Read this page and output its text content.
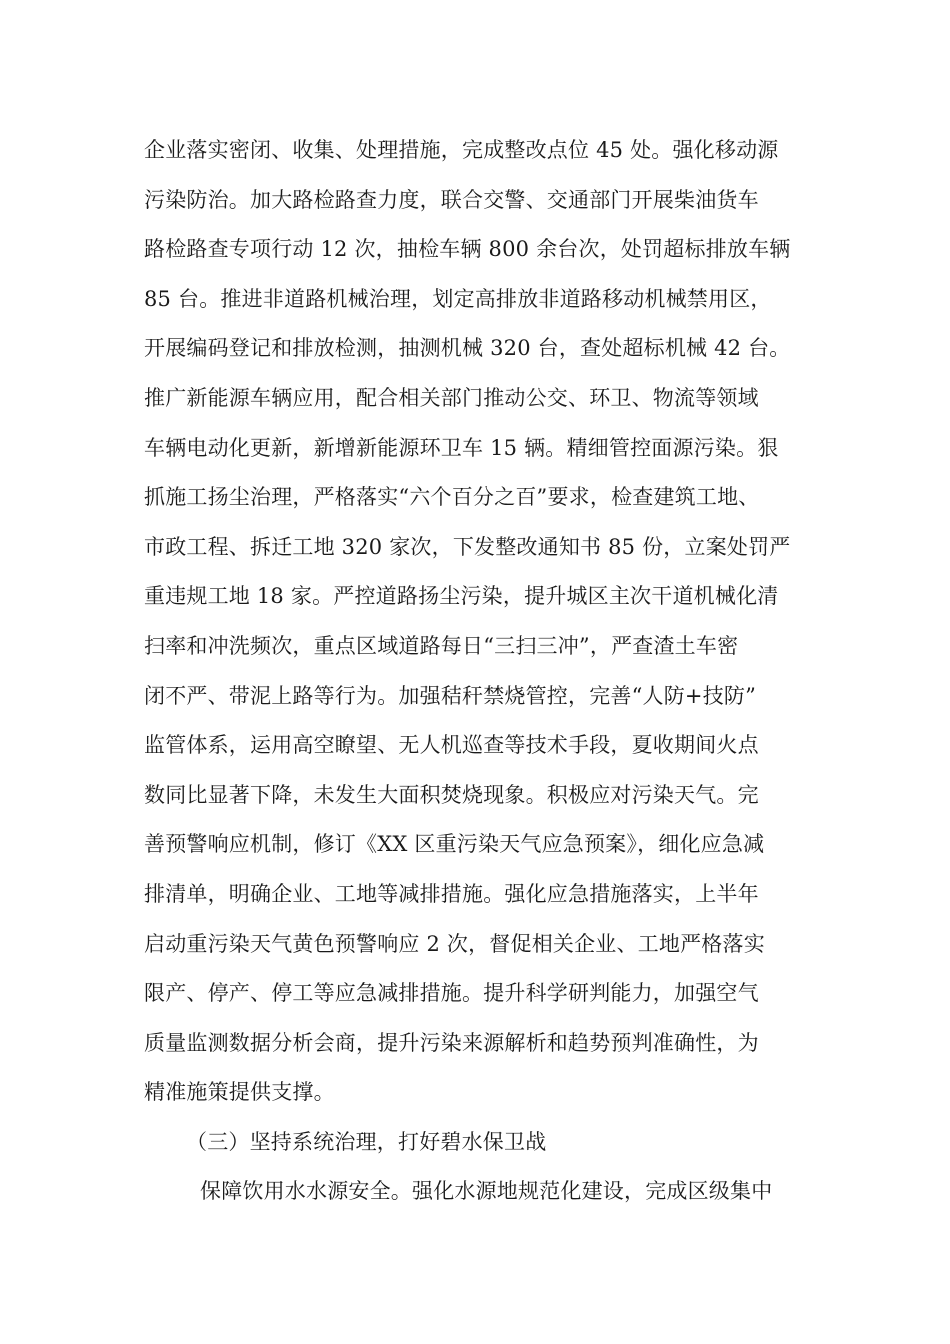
企业落实密闭、收集、处理措施，完成整改点位 45 处。强化移动源
污染防治。加大路检路查力度，联合交警、交通部门开展柴油货车
路检路查专项行动 12 次，抽检车辆 800 余台次，处罚超标排放车辆
85 台。推进非道路机械治理，划定高排放非道路移动机械禁用区，
开展编码登记和排放检测，抽测机械 320 台，查处超标机械 42 台。
推广新能源车辆应用，配合相关部门推动公交、环卫、物流等领域
车辆电动化更新，新增新能源环卫车 15 辆。精细管控面源污染。狠
抓施工扬尘治理，严格落实“六个百分之百”要求，检查建筑工地、
市政工程、拆迁工地 320 家次，下发整改通知书 85 份，立案处罚严
重违规工地 18 家。严控道路扬尘污染，提升城区主次干道机械化清
扫率和冲洗频次，重点区域道路每日“三扫三冲”，严查渣土车密
闭不严、带泥上路等行为。加强秸秆禁烧管控，完善“人防+技防”
监管体系，运用高空瞭望、无人机巡查等技术手段，夏收期间火点
数同比显著下降，未发生大面积焚烧现象。积极应对污染天气。完
善预警响应机制，修订《XX 区重污染天气应急预案》，细化应急减
排清单，明确企业、工地等减排措施。强化应急措施落实，上半年
启动重污染天气黄色预警响应 2 次，督促相关企业、工地严格落实
限产、停产、停工等应急减排措施。提升科学研判能力，加强空气
质量监测数据分析会商，提升污染来源解析和趋势预判准确性，为
精准施策提供支撑。
（三）坚持系统治理，打好碧水保卫战
保障饮用水水源安全。强化水源地规范化建设，完成区级集中
